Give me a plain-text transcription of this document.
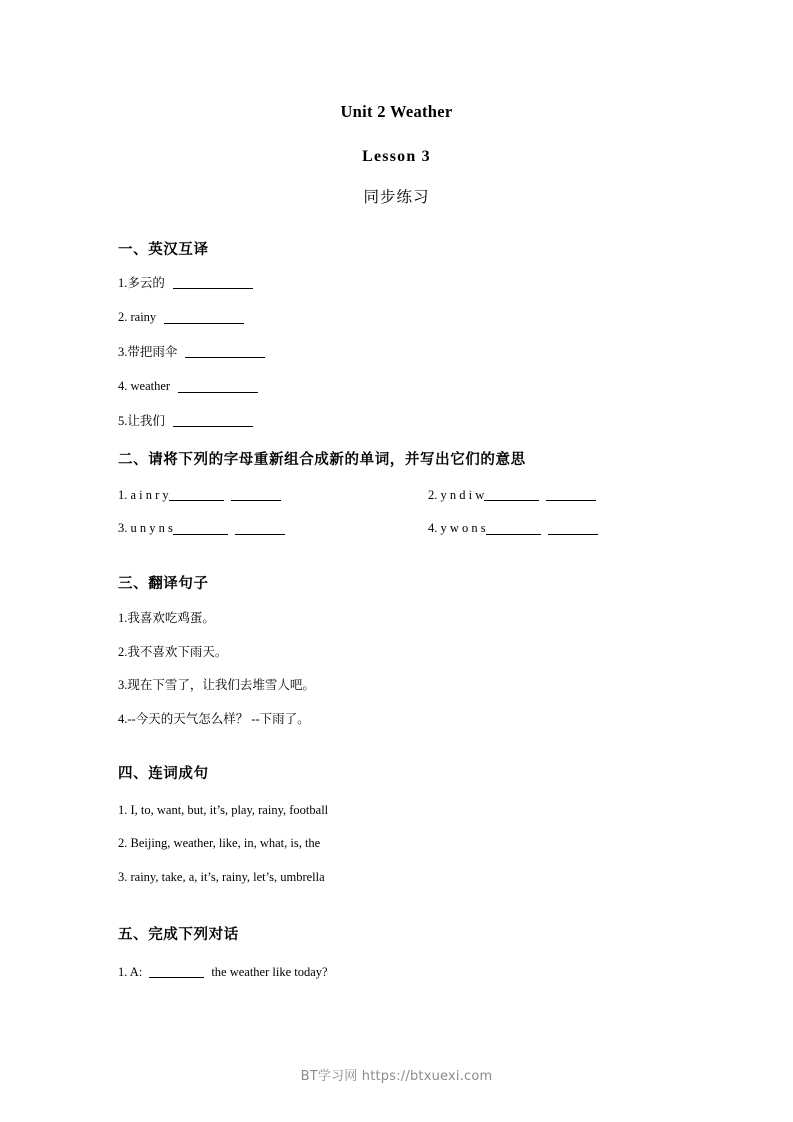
Unit 2 Weather
Lesson 3
同步练习
一、英汉互译
1.多云的
2. rainy
3.带把雨伞
4. weather
5.让我们
二、请将下列的字母重新组合成新的单词，并写出它们的意思
1. a i n r y	2. y n d i w
3. u n y n s	4. y w o n s
三、翻译句子
1.我喜欢吃鸡蛋。
2.我不喜欢下雨天。
3.现在下雪了，让我们去堆雪人吧。
4.--今天的天气怎么样？ --下雨了。
四、连词成句
1. I, to, want, but, it’s, play, rainy, football
2. Beijing, weather, like, in, what, is, the
3. rainy, take, a, it’s, rainy, let’s, umbrella
五、完成下列对话
1. A:	the weather like today?
BT学习网 https://btxuexi.com
